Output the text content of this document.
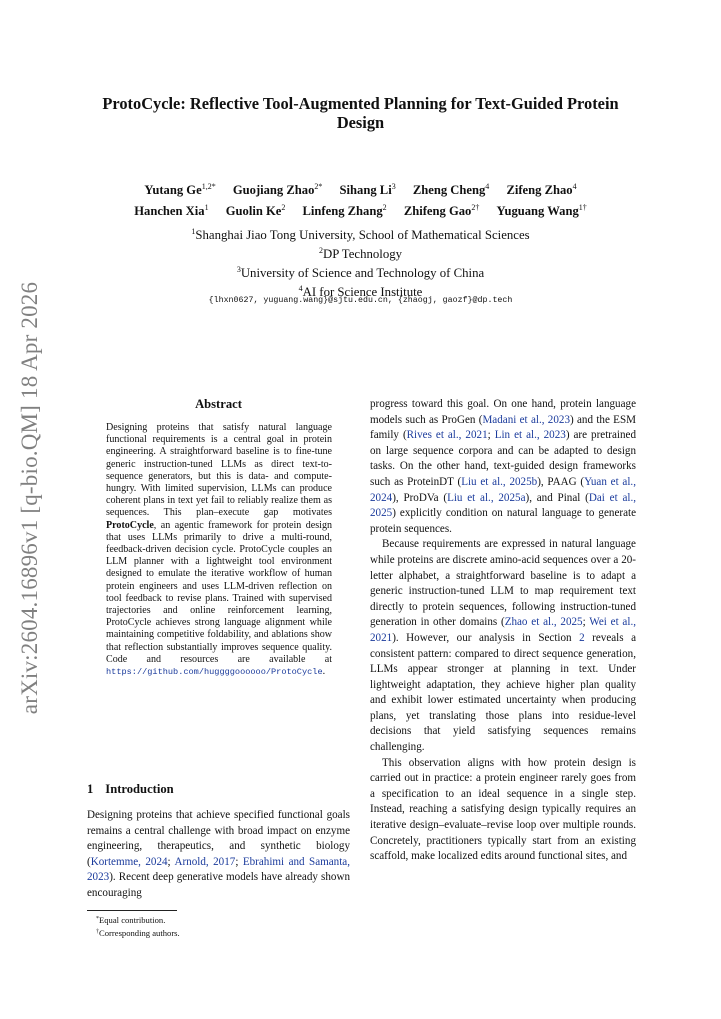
arXiv:2604.16896v1 [q-bio.QM] 18 Apr 2026
ProtoCycle: Reflective Tool-Augmented Planning for Text-Guided Protein Design
Yutang $Ge^{1,2*}$ Guojiang Zhao$^{2*}$ Sihang Li$^3$ Zheng Cheng$^4$ Zifeng Zhao$^4$
Hanchen Xia$^1$ Guolin Ke$^2$ Linfeng Zhang$^2$ Zhifeng Gao$^{2\dagger}$ Yuguang Wang$^{1\dagger}$
$^1$Shanghai Jiao Tong University, School of Mathematical Sciences
$^2$DP Technology
$^3$University of Science and Technology of China
$^4$AI for Science Institute
{lhxn0627, yuguang.wang}@sjtu.edu.cn, {zhaogj, gaozf}@dp.tech
Abstract
Designing proteins that satisfy natural language functional requirements is a central goal in protein engineering. A straightforward baseline is to fine-tune generic instruction-tuned LLMs as direct text-to-sequence generators, but this is data- and compute-hungry. With limited supervision, LLMs can produce coherent plans in text yet fail to reliably realize them as sequences. This plan–execute gap motivates ProtoCycle, an agentic framework for protein design that uses LLMs primarily to drive a multi-round, feedback-driven decision cycle. ProtoCycle couples an LLM planner with a lightweight tool environment designed to emulate the iterative workflow of human protein engineers and uses LLM-driven reflection on tool feedback to revise plans. Trained with supervised trajectories and online reinforcement learning, ProtoCycle achieves strong language alignment while maintaining competitive foldability, and ablations show that reflection substantially improves sequence quality. Code and resources are available at https://github.com/huggggoooooo/ProtoCycle.
1 Introduction
Designing proteins that achieve specified functional goals remains a central challenge with broad impact on enzyme engineering, therapeutics, and synthetic biology (Kortemme, 2024; Arnold, 2017; Ebrahimi and Samanta, 2023). Recent deep generative models have already shown encouraging
*Equal contribution.
†Corresponding authors.

progress toward this goal. On one hand, protein language models such as ProGen (Madani et al., 2023) and the ESM family (Rives et al., 2021; Lin et al., 2023) are pretrained on large sequence corpora and can be adapted to design tasks. On the other hand, text-guided design frameworks such as ProteinDT (Liu et al., 2025b), PAAG (Yuan et al., 2024), ProDVa (Liu et al., 2025a), and Pinal (Dai et al., 2025) explicitly condition on natural language to generate protein sequences.

Because requirements are expressed in natural language while proteins are discrete amino-acid sequences over a 20-letter alphabet, a straightforward baseline is to adapt a generic instruction-tuned LLM to map requirement text directly to protein sequences, following instruction-tuned generation in other domains (Zhao et al., 2025; Wei et al., 2021). However, our analysis in Section 2 reveals a consistent pattern: compared to direct sequence generation, LLMs appear stronger at planning in text. Under lightweight adaptation, they achieve higher plan quality and exhibit lower estimated uncertainty when producing plans, yet translating those plans into residue-level decisions that yield satisfying sequences remains challenging.

This observation aligns with how protein design is carried out in practice: a protein engineer rarely goes from a specification to an ideal sequence in a single step. Instead, reaching a satisfying design typically requires an iterative design–evaluate–revise loop over multiple rounds. Concretely, practitioners typically start from an existing scaffold, make localized edits around functional sites, and
